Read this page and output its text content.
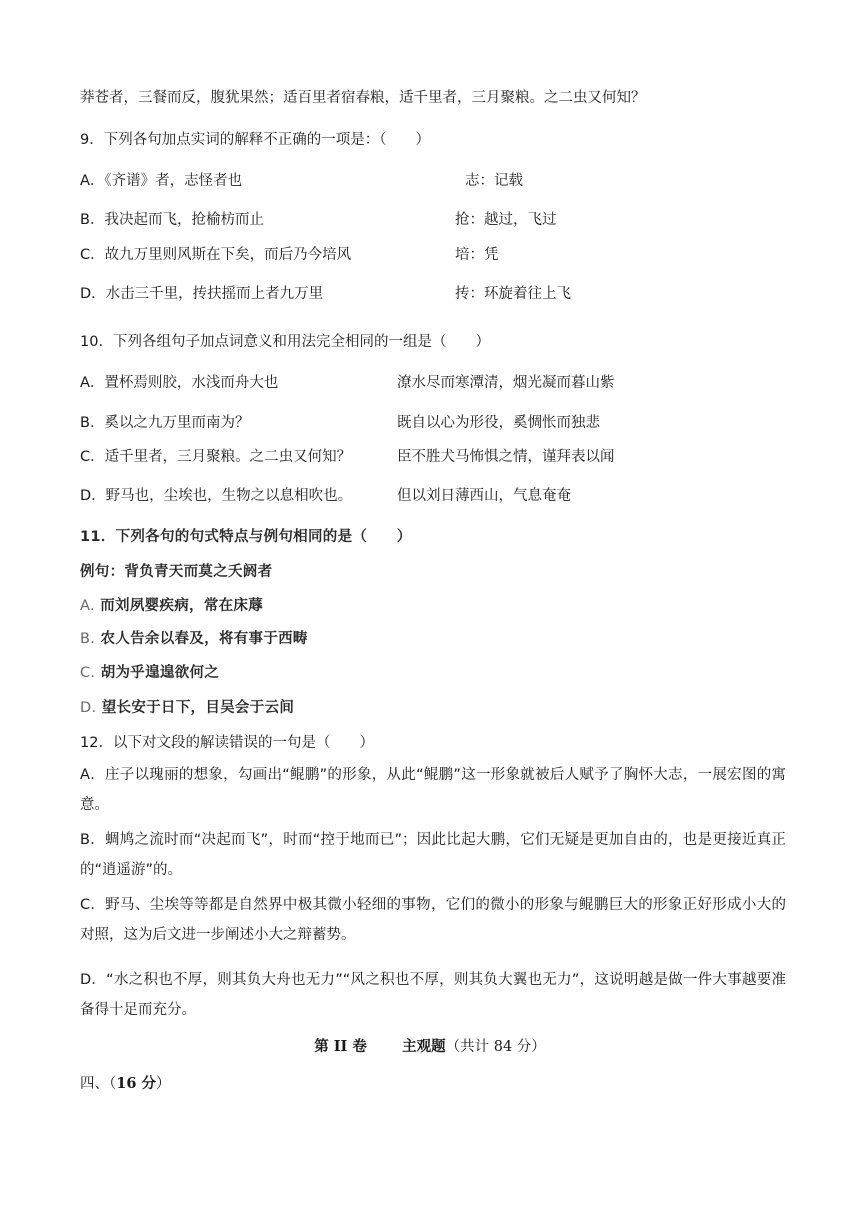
莽苍者，三餐而反，腹犹果然；适百里者宿春粮，适千里者，三月聚粮。之二虫又何知？
9．下列各句加点实词的解释不正确的一项是：（　　）
A．《齐谱》者，志怪者也	志：记载
B．我决起而飞，抢榆枋而止	抢：越过，飞过
C．故九万里则风斯在下矣，而后乃今培风	培：凭
D．水击三千里，抟扶摇而上者九万里	抟：环旋着往上飞
10．下列各组句子加点词意义和用法完全相同的一组是（　　）
A．置杯焉则胶，水浅而舟大也	潦水尽而寒潭清，烟光凝而暮山紫
B．奚以之九万里而南为？	既自以心为形役，奚惆怅而独悲
C．适千里者，三月聚粮。之二虫又何知？	臣不胜犬马怖惧之情，谨拜表以闻
D．野马也，尘埃也，生物之以息相吹也。	但以刘日薄西山，气息奄奄
11．下列各句的句式特点与例句相同的是（　　）
例句：背负青天而莫之夭阏者
A. 而刘夙婴疾病，常在床蓐
B. 农人告余以春及，将有事于西畴
C. 胡为乎遑遑欲何之
D. 望长安于日下，目吴会于云间
12．以下对文段的解读错误的一句是（　　）
A．庄子以瑰丽的想象，勾画出“鲲鹏”的形象，从此“鲲鹏”这一形象就被后人赋予了胸怀大志，一展宏图的寓意。
B．蜩鸠之流时而“决起而飞”，时而“控于地而已”；因此比起大鹏，它们无疑是更加自由的，也是更接近真正的“逍遥游”的。
C．野马、尘埃等等都是自然界中极其微小轻细的事物，它们的微小的形象与鲲鹏巨大的形象正好形成小大的对照，这为后文进一步阐述小大之辩蓄势。
D．“水之积也不厚，则其负大舟也无力”“风之积也不厚，则其负大翼也无力”，这说明越是做一件大事越要准备得十足而充分。
第 II 卷 主观题（共计 84 分）
四、（16 分）
